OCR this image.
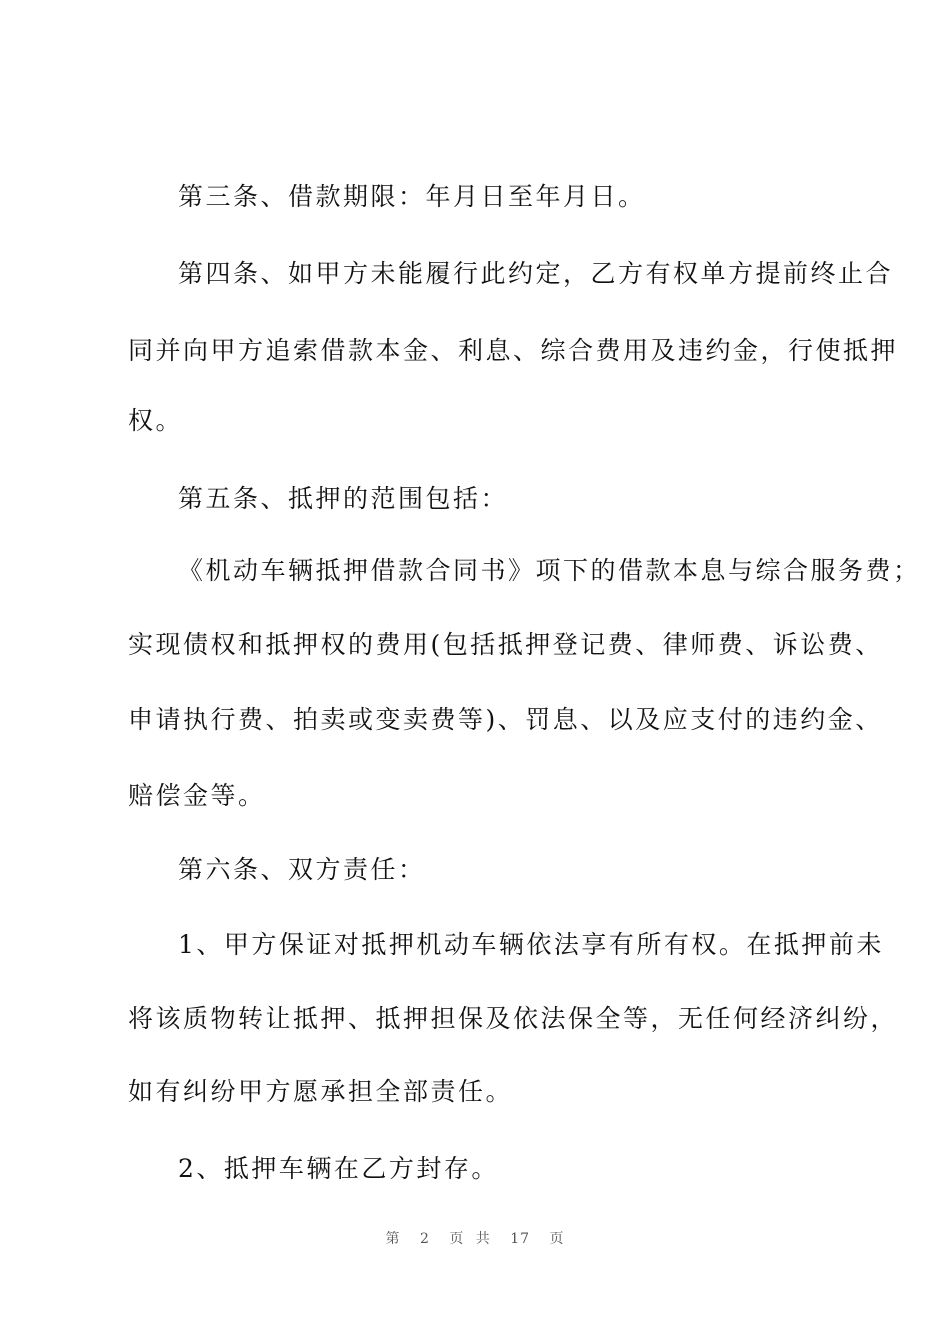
第三条、借款期限：年月日至年月日。
第四条、如甲方未能履行此约定，乙方有权单方提前终止合
同并向甲方追索借款本金、利息、综合费用及违约金，行使抵押
权。
第五条、抵押的范围包括：
《机动车辆抵押借款合同书》项下的借款本息与综合服务费；
实现债权和抵押权的费用(包括抵押登记费、律师费、诉讼费、
申请执行费、拍卖或变卖费等)、罚息、以及应支付的违约金、
赔偿金等。
第六条、双方责任：
1、甲方保证对抵押机动车辆依法享有所有权。在抵押前未
将该质物转让抵押、抵押担保及依法保全等，无任何经济纠纷，
如有纠纷甲方愿承担全部责任。
2、抵押车辆在乙方封存。
第 2 页 共 17 页
